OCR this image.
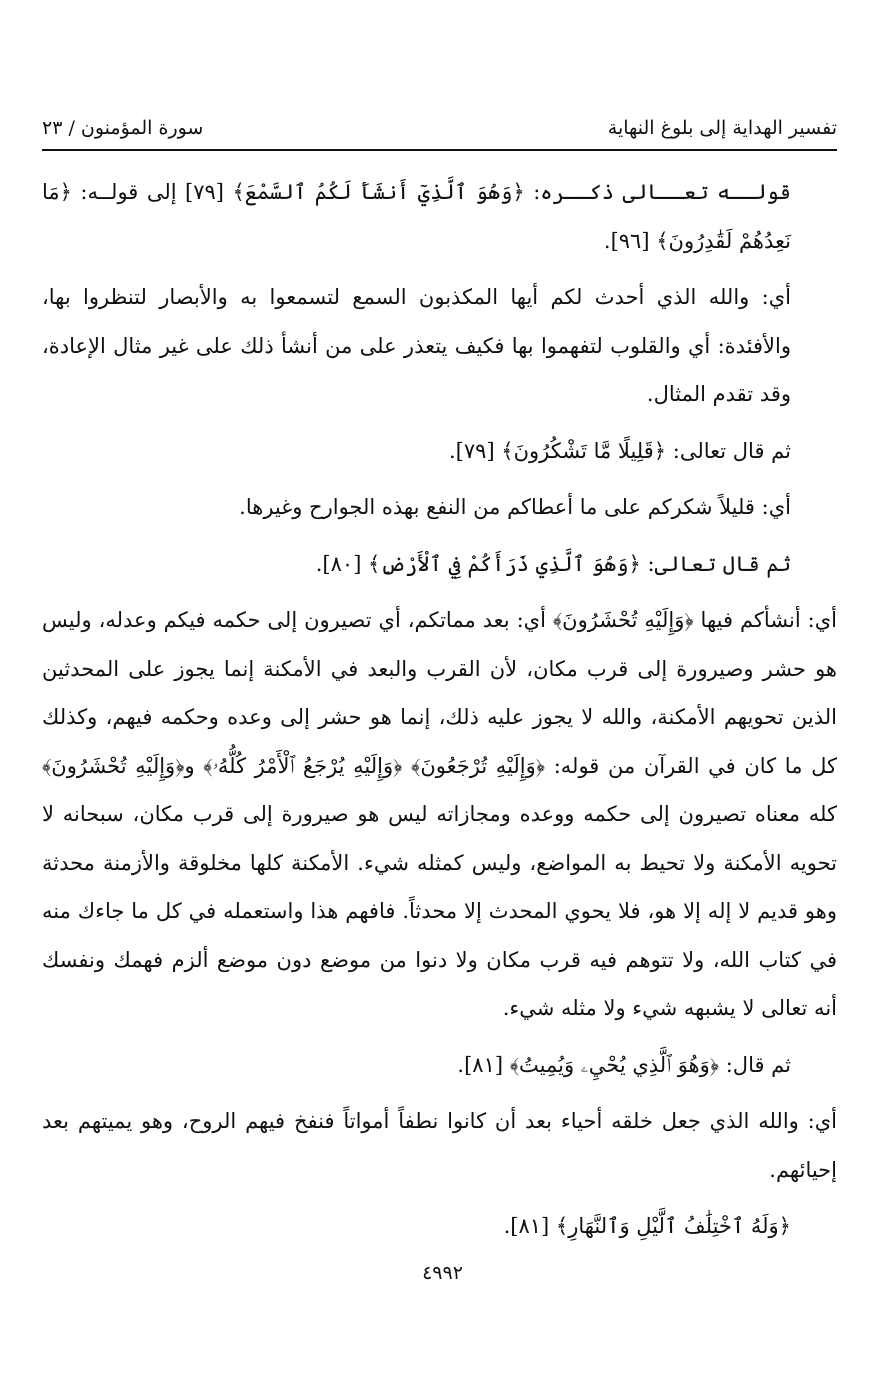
تفسير الهداية إلى بلوغ النهاية
سورة المؤمنون / ٢٣

قولــه تعــالى ذكــره: ﴿وَهُوَ ٱلَّذِيٓ أَنشَأَ لَكُمُ ٱلسَّمْعَ﴾ [٧٩] إلى قولــه: ﴿مَا نَعِدُهُمْ لَقَٰدِرُونَ﴾ [٩٦].

أي: والله الذي أحدث لكم أيها المكذبون السمع لتسمعوا به والأبصار لتنظروا بها، والأفئدة: أي والقلوب لتفهموا بها فكيف يتعذر على من أنشأ ذلك على غير مثال الإعادة، وقد تقدم المثال.

ثم قال تعالى: ﴿قَلِيلًا مَّا تَشْكُرُونَ﴾ [٧٩].

أي: قليلاً شكركم على ما أعطاكم من النفع بهذه الجوارح وغيرها.

ثم قال تعالى: ﴿وَهُوَ ٱلَّذِي ذَرَأَكُمْ فِي ٱلْأَرْضِ﴾ [٨٠].

أي: أنشأكم فيها ﴿وَإِلَيْهِ تُحْشَرُونَ﴾ أي: بعد مماتكم، أي تصيرون إلى حكمه فيكم وعدله، وليس هو حشر وصيرورة إلى قرب مكان، لأن القرب والبعد في الأمكنة إنما يجوز على المحدثين الذين تحويهم الأمكنة، والله لا يجوز عليه ذلك، إنما هو حشر إلى وعده وحكمه فيهم، وكذلك كل ما كان في القرآن من قوله: ﴿وَإِلَيْهِ تُرْجَعُونَ﴾ ﴿وَإِلَيْهِ يُرْجَعُ ٱلْأَمْرُ كُلُّهُۥ﴾ و﴿وَإِلَيْهِ تُحْشَرُونَ﴾ كله معناه تصيرون إلى حكمه ووعده ومجازاته ليس هو صيرورة إلى قرب مكان، سبحانه لا تحويه الأمكنة ولا تحيط به المواضع، وليس كمثله شيء. الأمكنة كلها مخلوقة والأزمنة محدثة وهو قديم لا إله إلا هو، فلا يحوي المحدث إلا محدثاً. فافهم هذا واستعمله في كل ما جاءك منه في كتاب الله، ولا تتوهم فيه قرب مكان ولا دنوا من موضع دون موضع ألزم فهمك ونفسك أنه تعالى لا يشبهه شيء ولا مثله شيء.

ثم قال: ﴿وَهُوَ ٱلَّذِي يُحْيِۦ وَيُمِيتُ﴾ [٨١].

أي: والله الذي جعل خلقه أحياء بعد أن كانوا نطفاً أمواتاً فنفخ فيهم الروح، وهو يميتهم بعد إحيائهم.

﴿وَلَهُ ٱخْتِلَٰفُ ٱلَّيْلِ وَٱلنَّهَارِ﴾ [٨١].

٤٩٩٢
